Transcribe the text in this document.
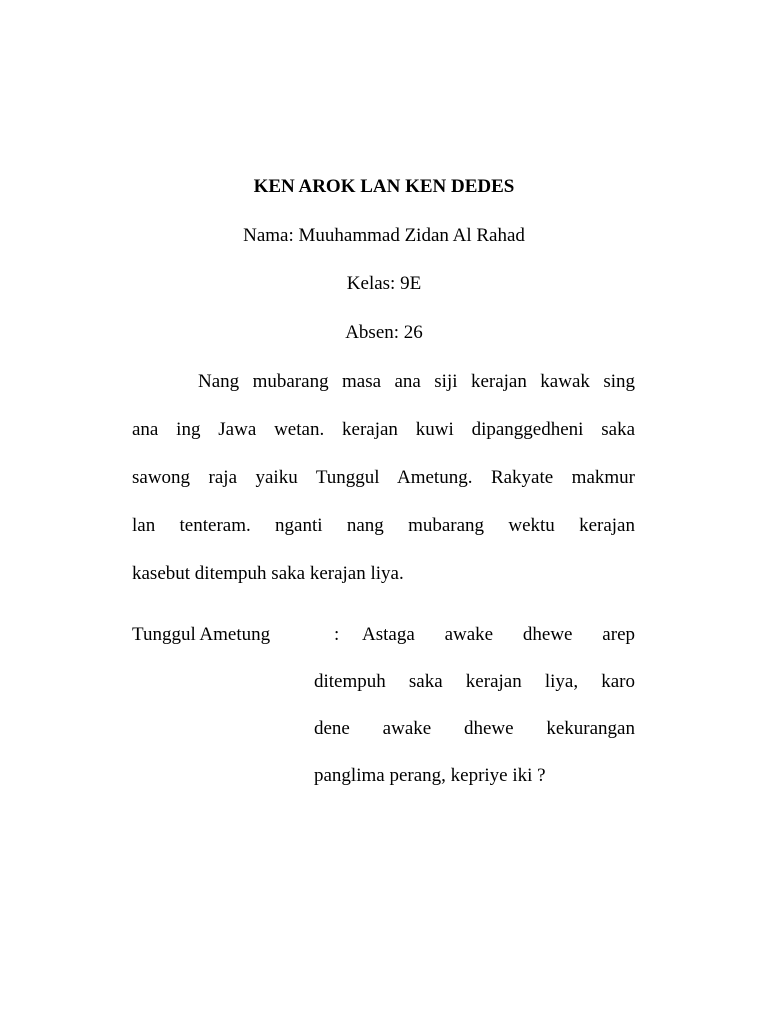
KEN AROK LAN KEN DEDES
Nama: Muuhammad Zidan Al Rahad
Kelas: 9E
Absen: 26
Nang mubarang masa ana siji kerajan kawak sing
ana ing Jawa wetan. kerajan kuwi dipanggedheni saka
sawong raja yaiku Tunggul Ametung. Rakyate makmur
lan tenteram. nganti nang mubarang wektu kerajan
kasebut ditempuh saka kerajan liya.
Tunggul Ametung	:	Astaga awake dhewe arep
ditempuh saka kerajan liya, karo
dene awake dhewe kekurangan
panglima perang, kepriye iki ?
